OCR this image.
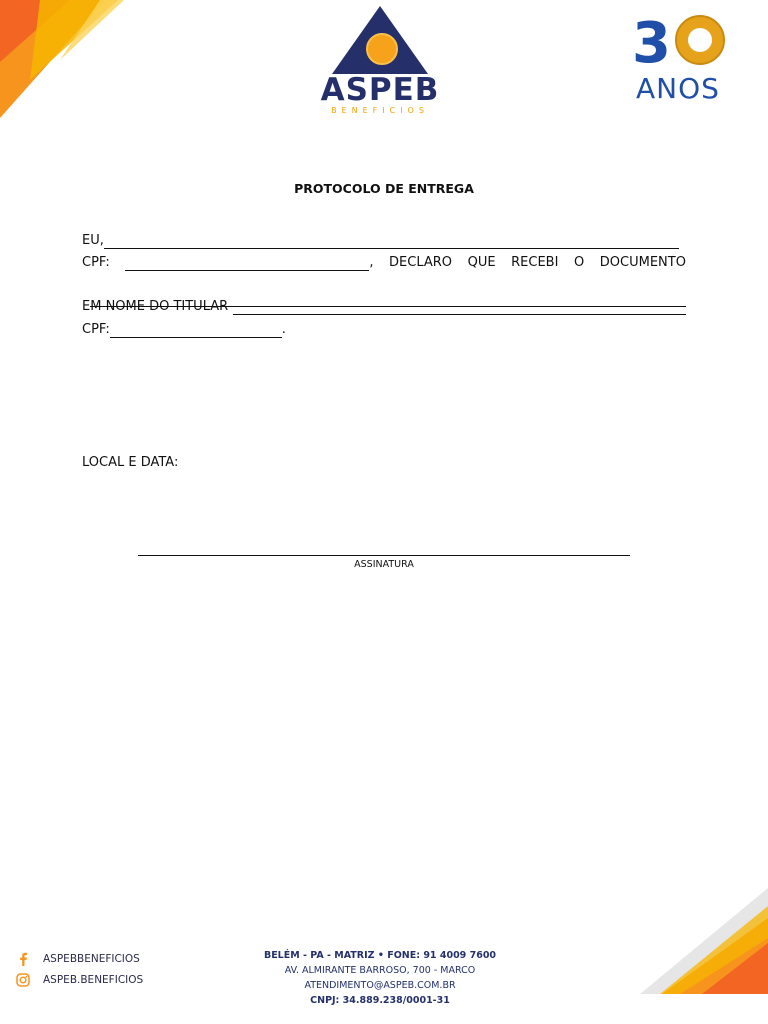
ASPEB
BENEFICIOS
3
ANOS
PROTOCOLO DE ENTREGA
EU,
CPF:	, DECLARO QUE RECEBI O DOCUMENTO

EM NOME DO TITULAR
CPF:	.
LOCAL E DATA:
ASSINATURA
ASPEBBENEFICIOS
ASPEB.BENEFICIOS
BELÉM - PA - MATRIZ • FONE: 91 4009 7600
AV. ALMIRANTE BARROSO, 700 - MARCO
ATENDIMENTO@ASPEB.COM.BR
CNPJ: 34.889.238/0001-31
